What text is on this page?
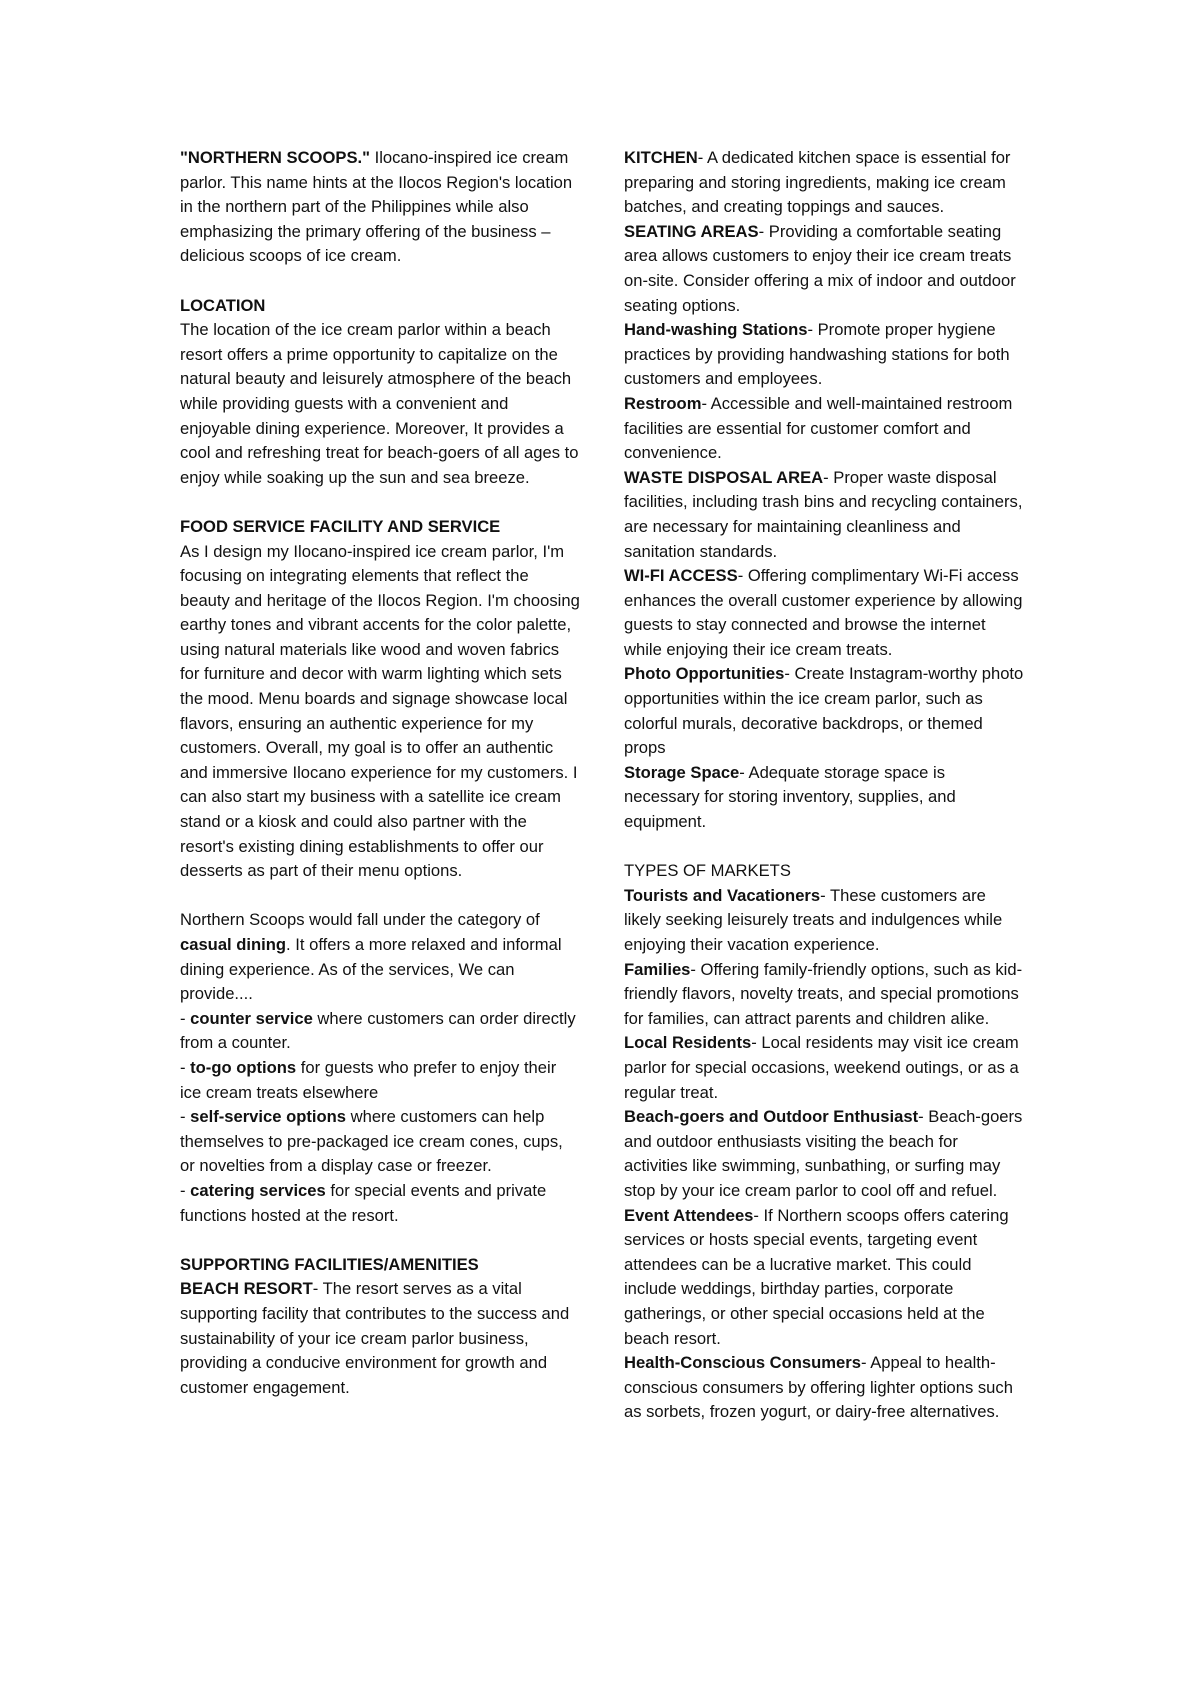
"NORTHERN SCOOPS." Ilocano-inspired ice cream parlor. This name hints at the Ilocos Region's location in the northern part of the Philippines while also emphasizing the primary offering of the business – delicious scoops of ice cream.

LOCATION

The location of the ice cream parlor within a beach resort offers a prime opportunity to capitalize on the natural beauty and leisurely atmosphere of the beach while providing guests with a convenient and enjoyable dining experience. Moreover, It provides a cool and refreshing treat for beach-goers of all ages to enjoy while soaking up the sun and sea breeze.

FOOD SERVICE FACILITY AND SERVICE

As I design my Ilocano-inspired ice cream parlor, I'm focusing on integrating elements that reflect the beauty and heritage of the Ilocos Region. I'm choosing earthy tones and vibrant accents for the color palette, using natural materials like wood and woven fabrics for furniture and decor with warm lighting which sets the mood. Menu boards and signage showcase local flavors, ensuring an authentic experience for my customers. Overall, my goal is to offer an authentic and immersive Ilocano experience for my customers. I can also start my business with a satellite ice cream stand or a kiosk and could also partner with the resort's existing dining establishments to offer our desserts as part of their menu options.

Northern Scoops would fall under the category of casual dining. It offers a more relaxed and informal dining experience. As of the services, We can provide....

- counter service where customers can order directly from a counter.

- to-go options for guests who prefer to enjoy their ice cream treats elsewhere

- self-service options where customers can help themselves to pre-packaged ice cream cones, cups, or novelties from a display case or freezer.

- catering services for special events and private functions hosted at the resort.

SUPPORTING FACILITIES/AMENITIES

BEACH RESORT- The resort serves as a vital supporting facility that contributes to the success and sustainability of your ice cream parlor business, providing a conducive environment for growth and customer engagement.

KITCHEN- A dedicated kitchen space is essential for preparing and storing ingredients, making ice cream batches, and creating toppings and sauces.

SEATING AREAS- Providing a comfortable seating area allows customers to enjoy their ice cream treats on-site. Consider offering a mix of indoor and outdoor seating options.

Hand-washing Stations- Promote proper hygiene practices by providing handwashing stations for both customers and employees.

Restroom- Accessible and well-maintained restroom facilities are essential for customer comfort and convenience.

WASTE DISPOSAL AREA- Proper waste disposal facilities, including trash bins and recycling containers, are necessary for maintaining cleanliness and sanitation standards.

WI-FI ACCESS- Offering complimentary Wi-Fi access enhances the overall customer experience by allowing guests to stay connected and browse the internet while enjoying their ice cream treats.

Photo Opportunities- Create Instagram-worthy photo opportunities within the ice cream parlor, such as colorful murals, decorative backdrops, or themed props

Storage Space- Adequate storage space is necessary for storing inventory, supplies, and equipment.

TYPES OF MARKETS

Tourists and Vacationers- These customers are likely seeking leisurely treats and indulgences while enjoying their vacation experience.

Families- Offering family-friendly options, such as kid-friendly flavors, novelty treats, and special promotions for families, can attract parents and children alike.

Local Residents- Local residents may visit ice cream parlor for special occasions, weekend outings, or as a regular treat.

Beach-goers and Outdoor Enthusiast- Beach-goers and outdoor enthusiasts visiting the beach for activities like swimming, sunbathing, or surfing may stop by your ice cream parlor to cool off and refuel.

Event Attendees- If Northern scoops offers catering services or hosts special events, targeting event attendees can be a lucrative market. This could include weddings, birthday parties, corporate gatherings, or other special occasions held at the beach resort.

Health-Conscious Consumers- Appeal to health-conscious consumers by offering lighter options such as sorbets, frozen yogurt, or dairy-free alternatives.
